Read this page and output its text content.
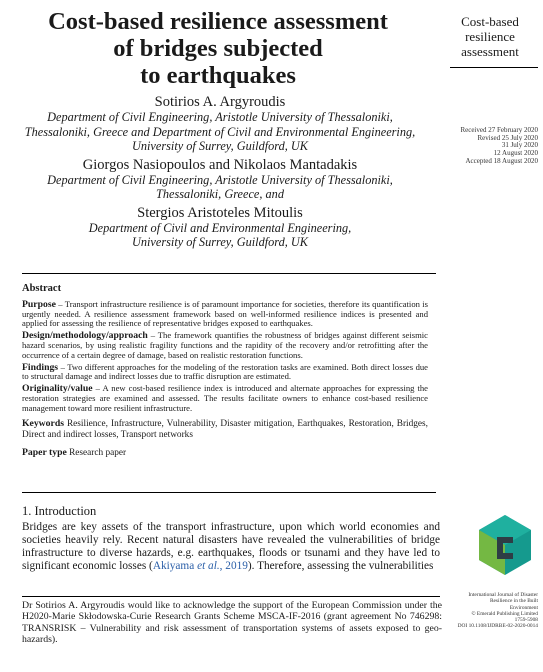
Cost-based resilience assessment
of bridges subjected
to earthquakes
Cost-based
resilience
assessment
Sotirios A. Argyroudis
Department of Civil Engineering, Aristotle University of Thessaloniki,
Thessaloniki, Greece and Department of Civil and Environmental Engineering,
University of Surrey, Guildford, UK
Giorgos Nasiopoulos and Nikolaos Mantadakis
Department of Civil Engineering, Aristotle University of Thessaloniki,
Thessaloniki, Greece, and
Stergios Aristoteles Mitoulis
Department of Civil and Environmental Engineering,
University of Surrey, Guildford, UK
Received 27 February 2020
Revised 25 July 2020
31 July 2020
12 August 2020
Accepted 18 August 2020

Abstract

Purpose – Transport infrastructure resilience is of paramount importance for societies, therefore its quantification is urgently needed. A resilience assessment framework based on well-informed resilience indices is presented and applied for assessing the resilience of representative bridges exposed to earthquakes.

Design/methodology/approach – The framework quantifies the robustness of bridges against different seismic hazard scenarios, by using realistic fragility functions and the rapidity of the recovery and/or retrofitting after the occurrence of a certain degree of damage, based on realistic restoration functions.

Findings – Two different approaches for the modeling of the restoration tasks are examined. Both direct losses due to structural damage and indirect losses due to traffic disruption are estimated.

Originality/value – A new cost-based resilience index is introduced and alternate approaches for expressing the restoration strategies are examined and assessed. The results facilitate owners to enhance cost-based resilience management toward more resilient infrastructure.

Keywords Resilience, Infrastructure, Vulnerability, Disaster mitigation, Earthquakes, Restoration, Bridges, Direct and indirect losses, Transport networks

Paper type Research paper

1. Introduction

Bridges are key assets of the transport infrastructure, upon which world economies and societies heavily rely. Recent natural disasters have revealed the vulnerabilities of bridge infrastructure to diverse hazards, e.g. earthquakes, floods or tsunami and they have led to significant economic losses (Akiyama et al., 2019). Therefore, assessing the vulnerabilities

Dr Sotirios A. Argyroudis would like to acknowledge the support of the European Commission under the H2020-Marie Skłodowska-Curie Research Grants Scheme MSCA-IF-2016 (grant agreement No 746298: TRANSRISK – Vulnerability and risk assessment of transportation systems of assets exposed to geo-hazards).
International Journal of Disaster
Resilience in the Built
Environment
© Emerald Publishing Limited
1759-5908
DOI 10.1108/IJDRBE-02-2020-0014
